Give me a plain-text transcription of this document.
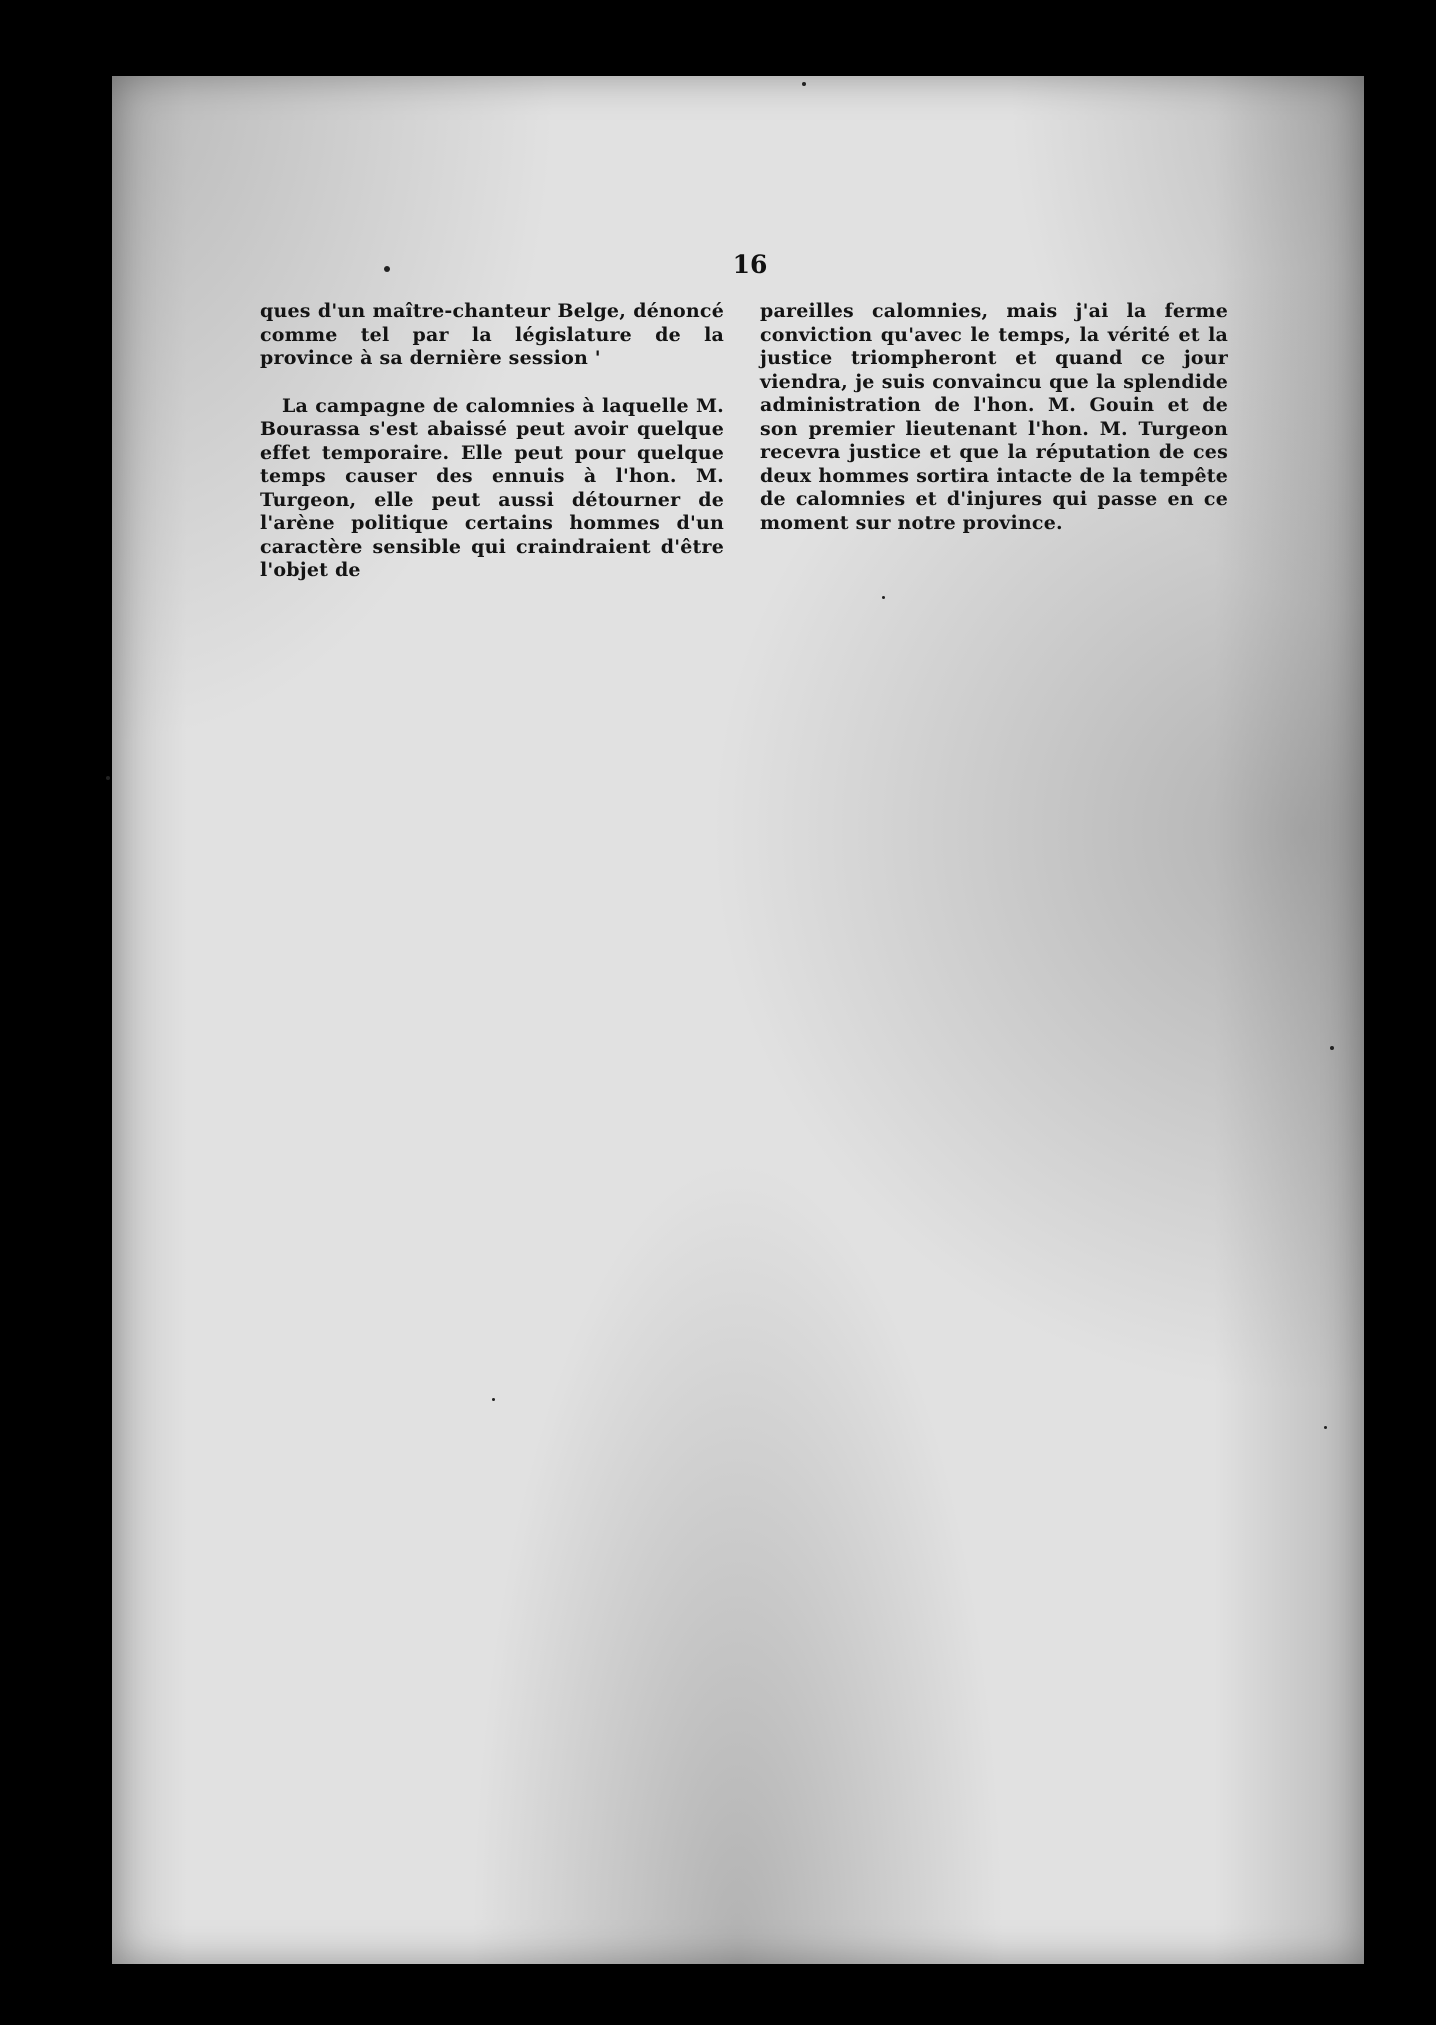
16

ques d'un maître-chanteur Belge, dénoncé comme tel par la législature de la province à sa dernière session '

La campagne de calomnies à laquelle M. Bourassa s'est abaissé peut avoir quelque effet temporaire. Elle peut pour quelque temps causer des ennuis à l'hon. M. Turgeon, elle peut aussi détourner de l'arène politique certains hommes d'un caractère sensible qui craindraient d'être l'objet de

pareilles calomnies, mais j'ai la ferme conviction qu'avec le temps, la vérité et la justice triompheront et quand ce jour viendra, je suis convaincu que la splendide administration de l'hon. M. Gouin et de son premier lieutenant l'hon. M. Turgeon recevra justice et que la réputation de ces deux hommes sortira intacte de la tempête de calomnies et d'injures qui passe en ce moment sur notre province.
